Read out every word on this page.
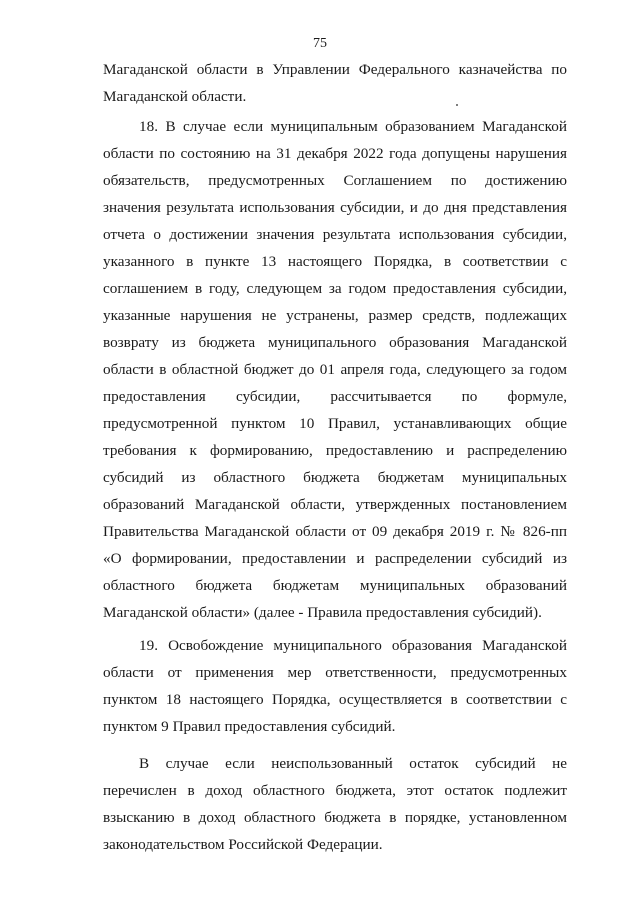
75

Магаданской области в Управлении Федерального казначейства по Магаданской области.

18. В случае если муниципальным образованием Магаданской области по состоянию на 31 декабря 2022 года допущены нарушения обязательств, предусмотренных Соглашением по достижению значения результата использования субсидии, и до дня представления отчета о достижении значения результата использования субсидии, указанного в пункте 13 настоящего Порядка, в соответствии с соглашением в году, следующем за годом предоставления субсидии, указанные нарушения не устранены, размер средств, подлежащих возврату из бюджета муниципального образования Магаданской области в областной бюджет до 01 апреля года, следующего за годом предоставления субсидии, рассчитывается по формуле, предусмотренной пунктом 10 Правил, устанавливающих общие требования к формированию, предоставлению и распределению субсидий из областного бюджета бюджетам муниципальных образований Магаданской области, утвержденных постановлением Правительства Магаданской области от 09 декабря 2019 г. № 826-пп «О формировании, предоставлении и распределении субсидий из областного бюджета бюджетам муниципальных образований Магаданской области» (далее - Правила предоставления субсидий).

19. Освобождение муниципального образования Магаданской области от применения мер ответственности, предусмотренных пунктом 18 настоящего Порядка, осуществляется в соответствии с пунктом 9 Правил предоставления субсидий.

В случае если неиспользованный остаток субсидий не перечислен в доход областного бюджета, этот остаток подлежит взысканию в доход областного бюджета в порядке, установленном законодательством Российской Федерации.
